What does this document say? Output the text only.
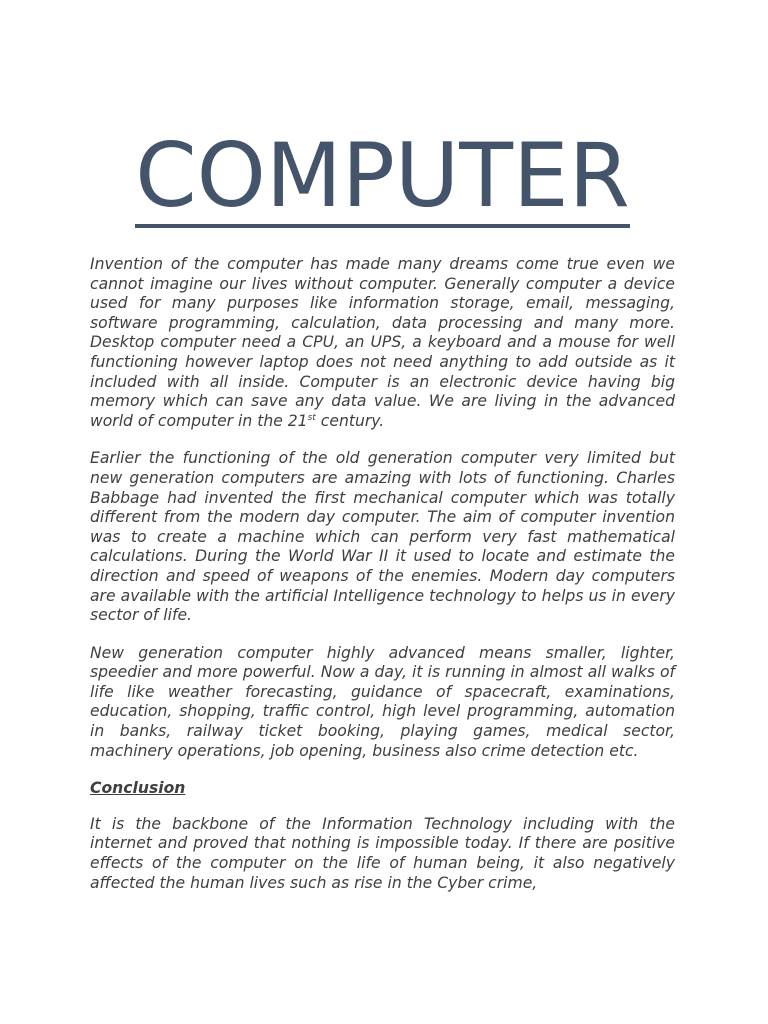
COMPUTER

Invention of the computer has made many dreams come true even we cannot imagine our lives without computer. Generally computer a device used for many purposes like information storage, email, messaging, software programming, calculation, data processing and many more. Desktop computer need a CPU, an UPS, a keyboard and a mouse for well functioning however laptop does not need anything to add outside as it included with all inside. Computer is an electronic device having big memory which can save any data value. We are living in the advanced world of computer in the 21st century.

Earlier the functioning of the old generation computer very limited but new generation computers are amazing with lots of functioning. Charles Babbage had invented the first mechanical computer which was totally different from the modern day computer. The aim of computer invention was to create a machine which can perform very fast mathematical calculations. During the World War II it used to locate and estimate the direction and speed of weapons of the enemies. Modern day computers are available with the artificial Intelligence technology to helps us in every sector of life.

New generation computer highly advanced means smaller, lighter, speedier and more powerful. Now a day, it is running in almost all walks of life like weather forecasting, guidance of spacecraft, examinations, education, shopping, traffic control, high level programming, automation in banks, railway ticket booking, playing games, medical sector, machinery operations, job opening, business also crime detection etc.

Conclusion

It is the backbone of the Information Technology including with the internet and proved that nothing is impossible today. If there are positive effects of the computer on the life of human being, it also negatively affected the human lives such as rise in the Cyber crime,
